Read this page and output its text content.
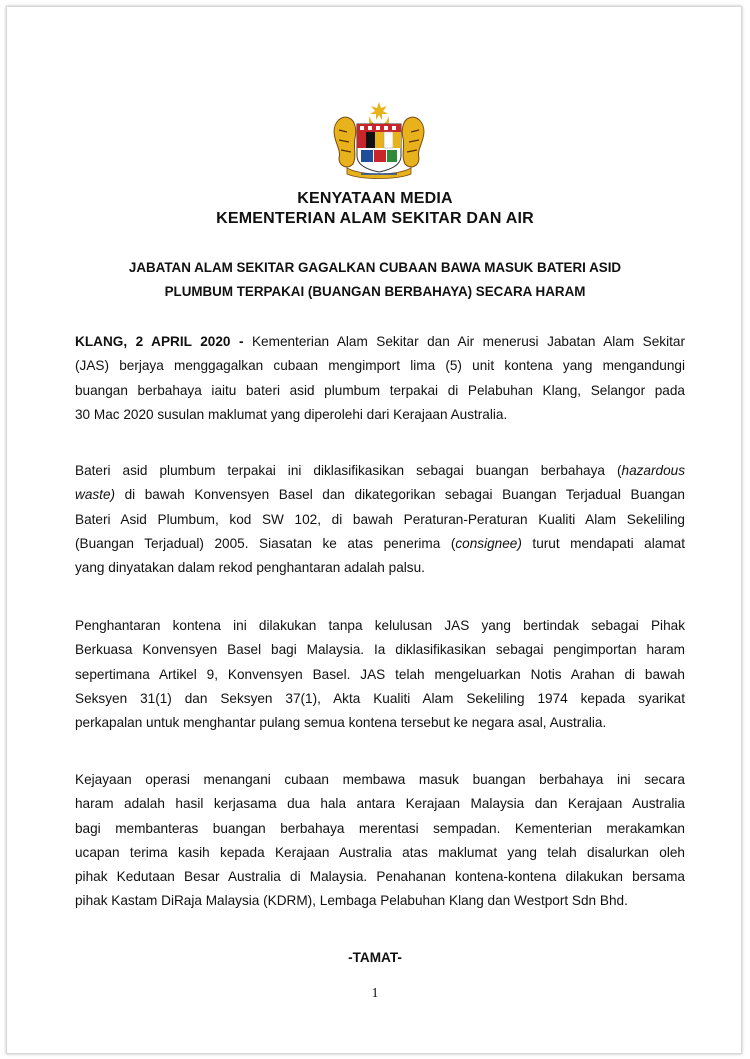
KENYATAAN MEDIA
KEMENTERIAN ALAM SEKITAR DAN AIR
JABATAN ALAM SEKITAR GAGALKAN CUBAAN BAWA MASUK BATERI ASID
PLUMBUM TERPAKAI (BUANGAN BERBAHAYA) SECARA HARAM
KLANG, 2 APRIL 2020 - Kementerian Alam Sekitar dan Air menerusi Jabatan Alam Sekitar
(JAS) berjaya menggagalkan cubaan mengimport lima (5) unit kontena yang mengandungi
buangan berbahaya iaitu bateri asid plumbum terpakai di Pelabuhan Klang, Selangor pada
30 Mac 2020 susulan maklumat yang diperolehi dari Kerajaan Australia.
Bateri asid plumbum terpakai ini diklasifikasikan sebagai buangan berbahaya (hazardous
waste) di bawah Konvensyen Basel dan dikategorikan sebagai Buangan Terjadual Buangan
Bateri Asid Plumbum, kod SW 102, di bawah Peraturan-Peraturan Kualiti Alam Sekeliling
(Buangan Terjadual) 2005. Siasatan ke atas penerima (consignee) turut mendapati alamat
yang dinyatakan dalam rekod penghantaran adalah palsu.
Penghantaran kontena ini dilakukan tanpa kelulusan JAS yang bertindak sebagai Pihak
Berkuasa Konvensyen Basel bagi Malaysia. Ia diklasifikasikan sebagai pengimportan haram
sepertimana Artikel 9, Konvensyen Basel. JAS telah mengeluarkan Notis Arahan di bawah
Seksyen 31(1) dan Seksyen 37(1), Akta Kualiti Alam Sekeliling 1974 kepada syarikat
perkapalan untuk menghantar pulang semua kontena tersebut ke negara asal, Australia.
Kejayaan operasi menangani cubaan membawa masuk buangan berbahaya ini secara
haram adalah hasil kerjasama dua hala antara Kerajaan Malaysia dan Kerajaan Australia
bagi membanteras buangan berbahaya merentasi sempadan. Kementerian merakamkan
ucapan terima kasih kepada Kerajaan Australia atas maklumat yang telah disalurkan oleh
pihak Kedutaan Besar Australia di Malaysia. Penahanan kontena-kontena dilakukan bersama
pihak Kastam DiRaja Malaysia (KDRM), Lembaga Pelabuhan Klang dan Westport Sdn Bhd.
-TAMAT-
1
